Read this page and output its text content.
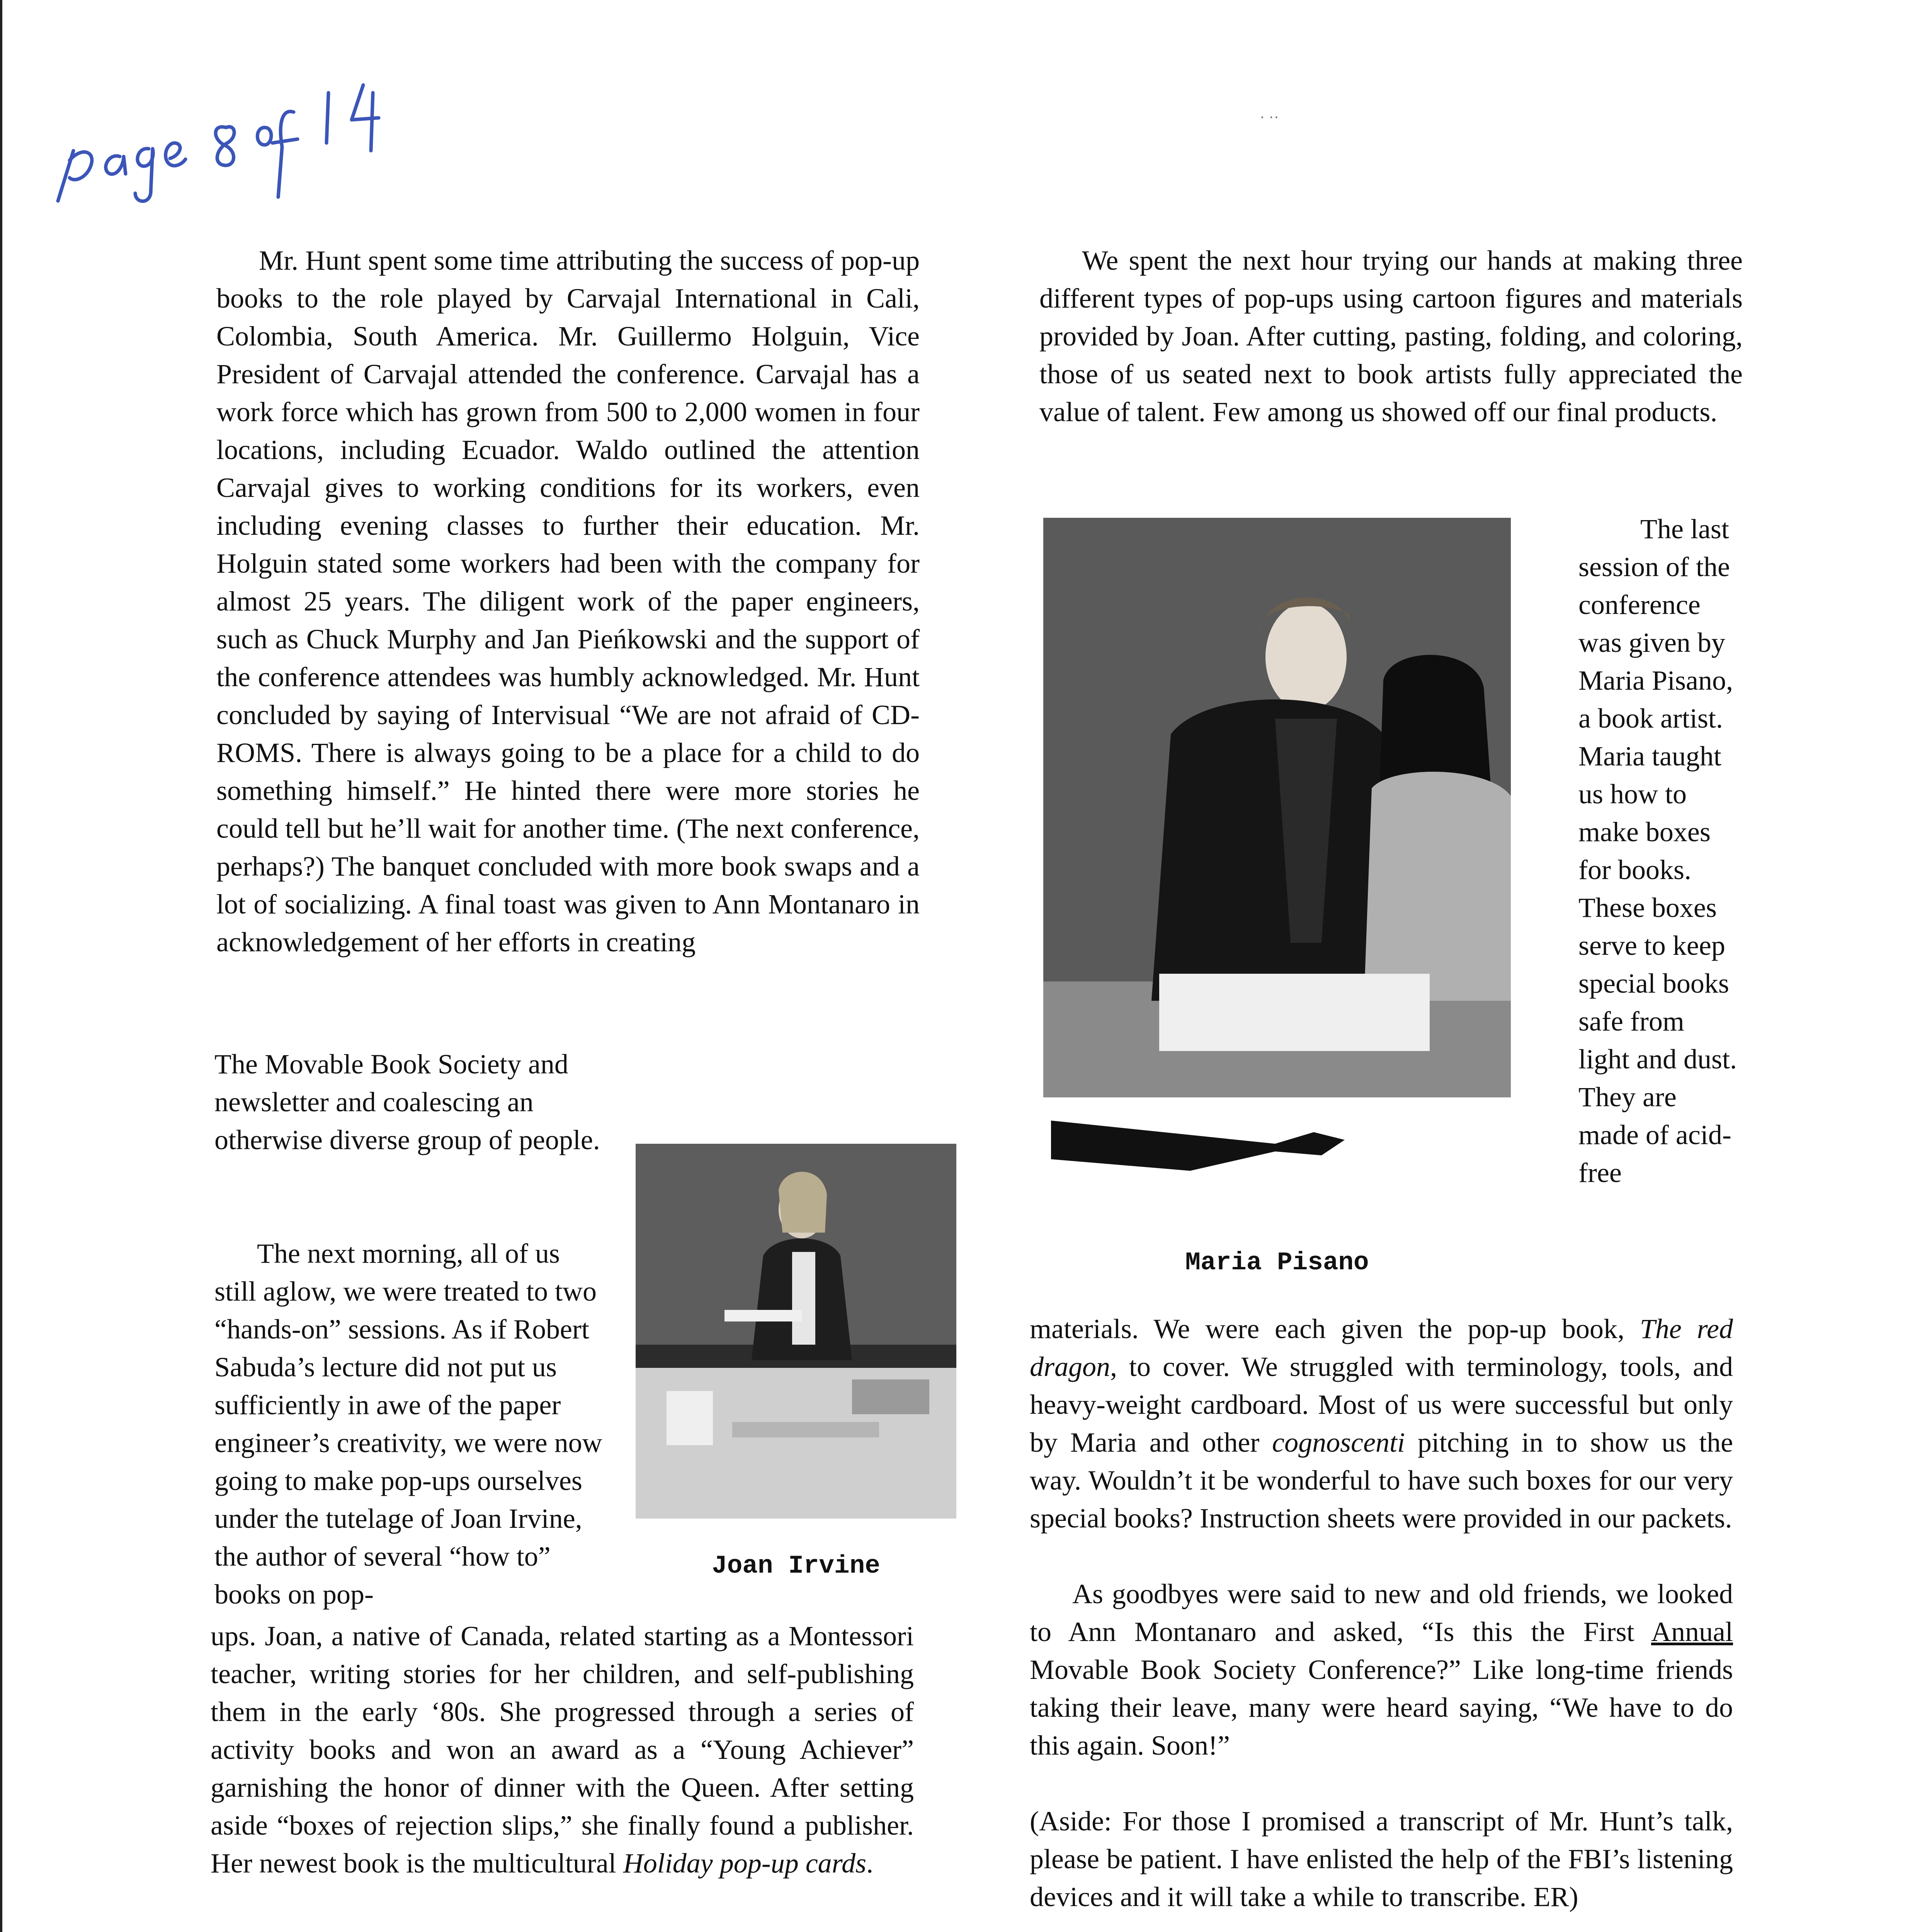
· ··

Mr. Hunt spent some time attributing the success of pop-up books to the role played by Carvajal International in Cali, Colombia, South America. Mr. Guillermo Holguin, Vice President of Carvajal attended the conference. Carvajal has a work force which has grown from 500 to 2,000 women in four locations, including Ecuador. Waldo outlined the attention Carvajal gives to working conditions for its workers, even including evening classes to further their education. Mr. Holguin stated some workers had been with the company for almost 25 years. The diligent work of the paper engineers, such as Chuck Murphy and Jan Pieńkowski and the support of the conference attendees was humbly acknowledged. Mr. Hunt concluded by saying of Intervisual “We are not afraid of CD-ROMS. There is always going to be a place for a child to do something himself.” He hinted there were more stories he could tell but he’ll wait for another time. (The next conference, perhaps?) The banquet concluded with more book swaps and a lot of socializing. A final toast was given to Ann Montanaro in acknowledgement of her efforts in creating

The Movable Book Society and newsletter and coalescing an otherwise diverse group of people.

Joan Irvine

The next morning, all of us still aglow, we were treated to two “hands-on” sessions. As if Robert Sabuda’s lecture did not put us sufficiently in awe of the paper engineer’s creativity, we were now going to make pop-ups ourselves under the tutelage of Joan Irvine, the author of several “how to” books on pop-

ups. Joan, a native of Canada, related starting as a Montessori teacher, writing stories for her children, and self-publishing them in the early ‘80s. She progressed through a series of activity books and won an award as a “Young Achiever” garnishing the honor of dinner with the Queen. After setting aside “boxes of rejection slips,” she finally found a publisher. Her newest book is the multicultural Holiday pop-up cards.

We spent the next hour trying our hands at making three different types of pop-ups using cartoon figures and materials provided by Joan. After cutting, pasting, folding, and coloring, those of us seated next to book artists fully appreciated the value of talent. Few among us showed off our final products.

Maria Pisano

The last session of the conference was given by Maria Pisano, a book artist. Maria taught us how to make boxes for books. These boxes serve to keep special books safe from light and dust. They are made of acid-free

materials. We were each given the pop-up book, The red dragon, to cover. We struggled with terminology, tools, and heavy-weight cardboard. Most of us were successful but only by Maria and other cognoscenti pitching in to show us the way. Wouldn’t it be wonderful to have such boxes for our very special books? Instruction sheets were provided in our packets.

As goodbyes were said to new and old friends, we looked to Ann Montanaro and asked, “Is this the First Annual Movable Book Society Conference?” Like long-time friends taking their leave, many were heard saying, “We have to do this again. Soon!”

(Aside: For those I promised a transcript of Mr. Hunt’s talk, please be patient. I have enlisted the help of the FBI’s listening devices and it will take a while to transcribe. ER)
